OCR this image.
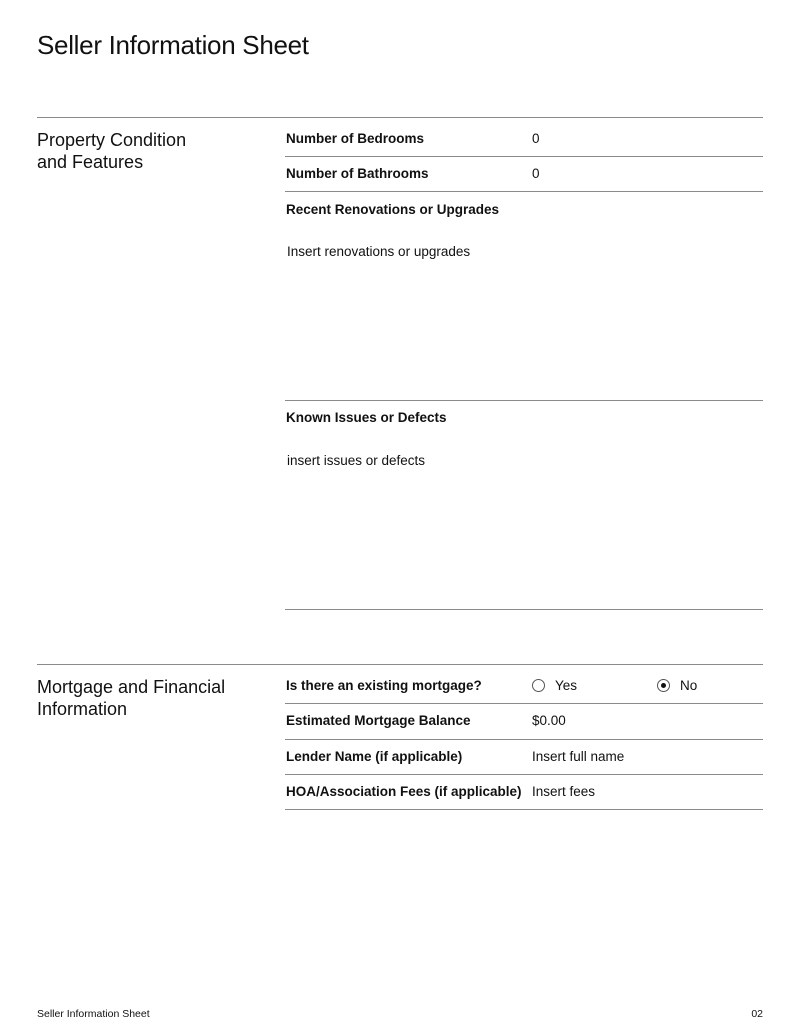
Seller Information Sheet
Property Condition and Features
Number of Bedrooms	0
Number of Bathrooms	0
Recent Renovations or Upgrades
Insert renovations or upgrades
Known Issues or Defects
insert issues or defects
Mortgage and Financial Information
Is there an existing mortgage?	Yes	No
Estimated Mortgage Balance	$0.00
Lender Name (if applicable)	Insert full name
HOA/Association Fees (if applicable) Insert fees
Seller Information Sheet	02
